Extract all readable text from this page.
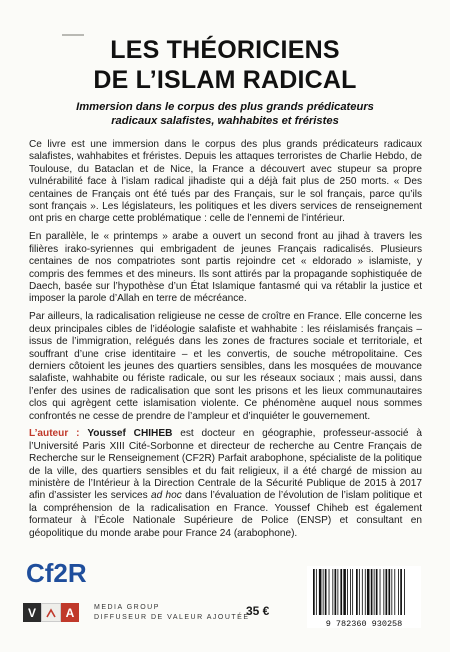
LES THÉORICIENS
DE L’ISLAM RADICAL
Immersion dans le corpus des plus grands prédicateurs
radicaux salafistes, wahhabites et fréristes

Ce livre est une immersion dans le corpus des plus grands prédicateurs radicaux salafistes, wahhabites et fréristes. Depuis les attaques terroristes de Charlie Hebdo, de Toulouse, du Bataclan et de Nice, la France a découvert avec stupeur sa propre vulnérabilité face à l’islam radical jihadiste qui a déjà fait plus de 250 morts. « Des centaines de Français ont été tués par des Français, sur le sol français, parce qu’ils sont français ». Les législateurs, les politiques et les divers services de renseignement ont pris en charge cette problématique : celle de l’ennemi de l’intérieur.

En parallèle, le « printemps » arabe a ouvert un second front au jihad à travers les filières irako-syriennes qui embrigadent de jeunes Français radicalisés. Plusieurs centaines de nos compatriotes sont partis rejoindre cet « eldorado » islamiste, y compris des femmes et des mineurs. Ils sont attirés par la propagande sophistiquée de Daech, basée sur l’hypothèse d’un État Islamique fantasmé qui va rétablir la justice et imposer la parole d’Allah en terre de mécréance.

Par ailleurs, la radicalisation religieuse ne cesse de croître en France. Elle concerne les deux principales cibles de l’idéologie salafiste et wahhabite : les réislamisés français – issus de l’immigration, relégués dans les zones de fractures sociale et territoriale, et souffrant d’une crise identitaire – et les convertis, de souche métropolitaine. Ces derniers côtoient les jeunes des quartiers sensibles, dans les mosquées de mouvance salafiste, wahhabite ou fériste radicale, ou sur les réseaux sociaux ; mais aussi, dans l’enfer des usines de radicalisation que sont les prisons et les lieux communautaires clos qui agrègent cette islamisation violente. Ce phénomène auquel nous sommes confrontés ne cesse de prendre de l’ampleur et d’inquiéter le gouvernement.

L’auteur : Youssef CHIHEB est docteur en géographie, professeur-associé à l’Université Paris XIII Cité-Sorbonne et directeur de recherche au Centre Français de Recherche sur le Renseignement (CF2R) Parfait arabophone, spécialiste de la politique de la ville, des quartiers sensibles et du fait religieux, il a été chargé de mission au ministère de l’Intérieur à la Direction Centrale de la Sécurité Publique de 2015 à 2017 afin d’assister les services ad hoc dans l’évaluation de l’évolution de l’islam politique et la compréhension de la radicalisation en France. Youssef Chiheb est également formateur à l’École Nationale Supérieure de Police (ENSP) et consultant en géopolitique du monde arabe pour France 24 (arabophone).

Cf2R
V	A	MEDIA GROUP
DIFFUSEUR DE VALEUR AJOUTÉE
35 €
9 782360 930258
